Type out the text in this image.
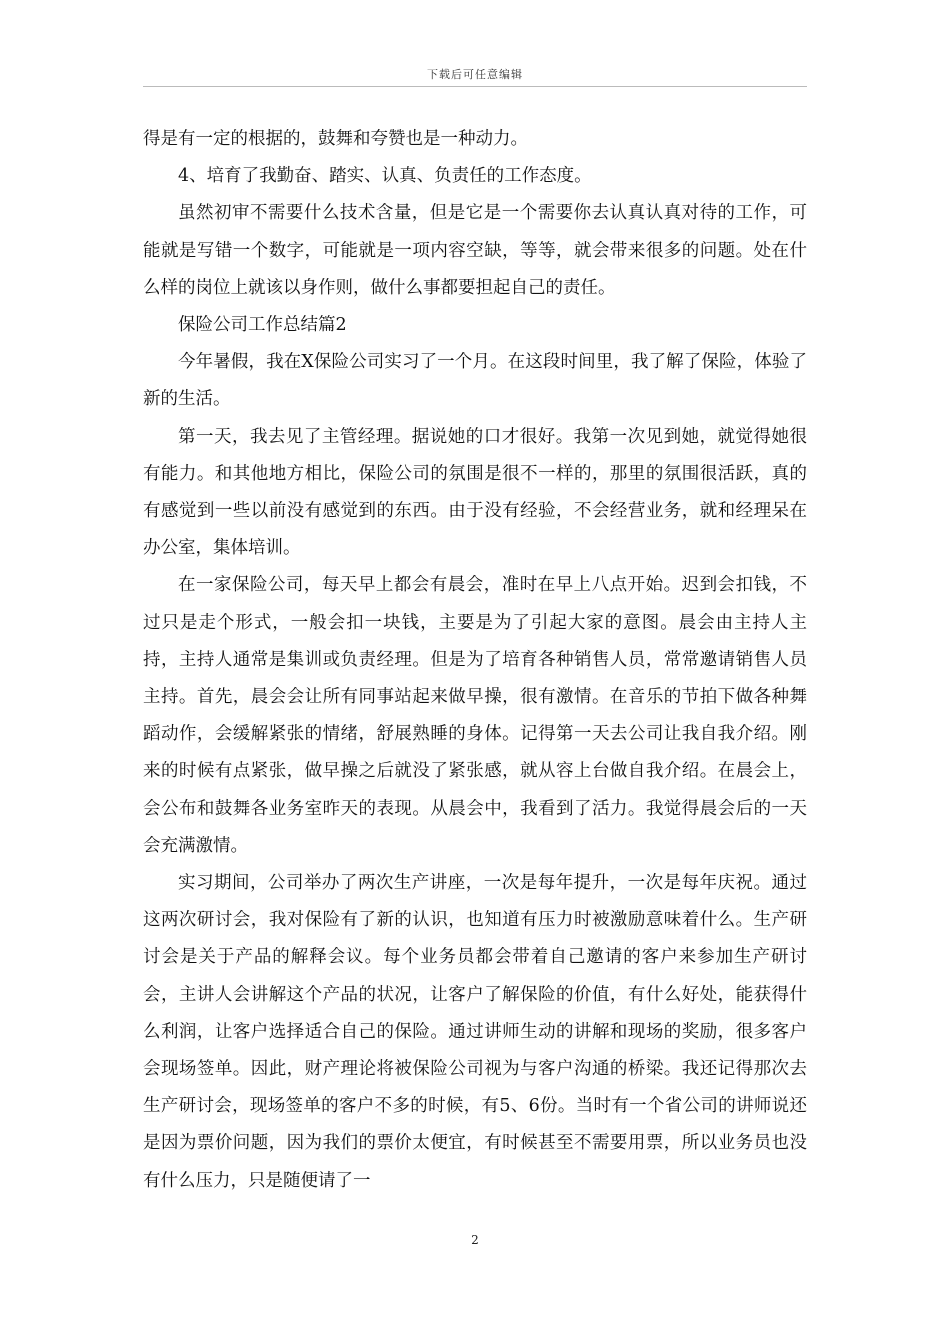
下载后可任意编辑

得是有一定的根据的，鼓舞和夸赞也是一种动力。

4、培育了我勤奋、踏实、认真、负责任的工作态度。

虽然初审不需要什么技术含量，但是它是一个需要你去认真认真对待的工作，可能就是写错一个数字，可能就是一项内容空缺，等等，就会带来很多的问题。处在什么样的岗位上就该以身作则，做什么事都要担起自己的责任。

保险公司工作总结篇2

今年暑假，我在X保险公司实习了一个月。在这段时间里，我了解了保险，体验了新的生活。

第一天，我去见了主管经理。据说她的口才很好。我第一次见到她，就觉得她很有能力。和其他地方相比，保险公司的氛围是很不一样的，那里的氛围很活跃，真的有感觉到一些以前没有感觉到的东西。由于没有经验，不会经营业务，就和经理呆在办公室，集体培训。

在一家保险公司，每天早上都会有晨会，准时在早上八点开始。迟到会扣钱，不过只是走个形式，一般会扣一块钱，主要是为了引起大家的意图。晨会由主持人主持，主持人通常是集训或负责经理。但是为了培育各种销售人员，常常邀请销售人员主持。首先，晨会会让所有同事站起来做早操，很有激情。在音乐的节拍下做各种舞蹈动作，会缓解紧张的情绪，舒展熟睡的身体。记得第一天去公司让我自我介绍。刚来的时候有点紧张，做早操之后就没了紧张感，就从容上台做自我介绍。在晨会上，会公布和鼓舞各业务室昨天的表现。从晨会中，我看到了活力。我觉得晨会后的一天会充满激情。

实习期间，公司举办了两次生产讲座，一次是每年提升，一次是每年庆祝。通过这两次研讨会，我对保险有了新的认识，也知道有压力时被激励意味着什么。生产研讨会是关于产品的解释会议。每个业务员都会带着自己邀请的客户来参加生产研讨会，主讲人会讲解这个产品的状况，让客户了解保险的价值，有什么好处，能获得什么利润，让客户选择适合自己的保险。通过讲师生动的讲解和现场的奖励，很多客户会现场签单。因此，财产理论将被保险公司视为与客户沟通的桥梁。我还记得那次去生产研讨会，现场签单的客户不多的时候，有5、6份。当时有一个省公司的讲师说还是因为票价问题，因为我们的票价太便宜，有时候甚至不需要用票，所以业务员也没有什么压力，只是随便请了一

2
